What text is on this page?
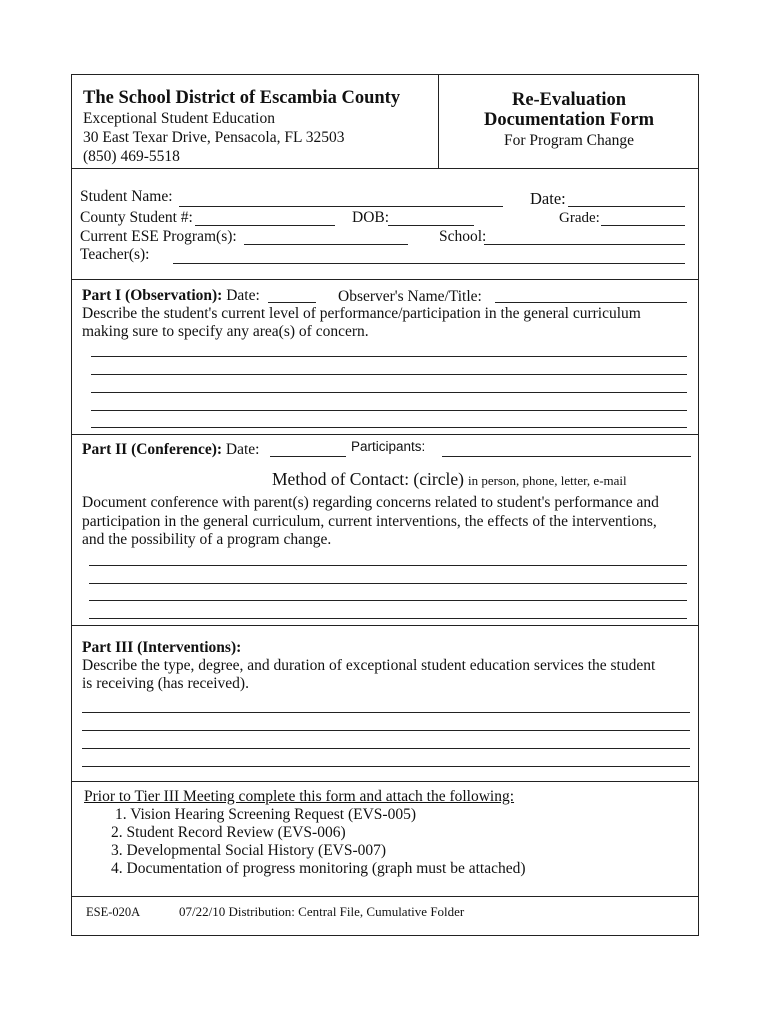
The School District of Escambia County
Exceptional Student Education
30 East Texar Drive, Pensacola, FL 32503
(850) 469-5518
Re-Evaluation
Documentation Form
For Program Change
Student Name:	Date:
County Student #:	DOB:	Grade:
Current ESE Program(s):	School:
Teacher(s):
Part I (Observation): Date:	Observer's Name/Title:
Describe the student's current level of performance/participation in the general curriculum
making sure to specify any area(s) of concern.
Part II (Conference): Date:	Participants:
Method of Contact: (circle) in person, phone, letter, e-mail
Document conference with parent(s) regarding concerns related to student's performance and
participation in the general curriculum, current interventions, the effects of the interventions,
and the possibility of a program change.
Part III (Interventions):
Describe the type, degree, and duration of exceptional student education services the student
is receiving (has received).
Prior to Tier III Meeting complete this form and attach the following:
1. Vision Hearing Screening Request (EVS-005)
2. Student Record Review (EVS-006)
3. Developmental Social History (EVS-007)
4. Documentation of progress monitoring (graph must be attached)
ESE-020A	07/22/10 Distribution: Central File, Cumulative Folder
